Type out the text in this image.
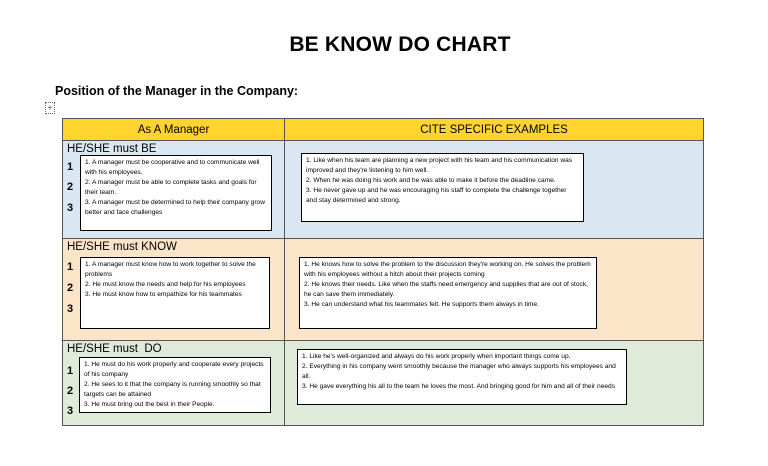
BE KNOW DO CHART
Position of the Manager in the Company:
+
As A Manager	CITE SPECIFIC EXAMPLES
HE/SHE must BE
1
2
3

1. A manager must be cooperative and to communicate well with his employees.

2. A manager must be able to complete tasks and goals for their team.

3. A manager must be determined to help their company grow better and face challenges

1. Like when his team are planning a new project with his team and his communication was improved and they're listening to him well.

2. When he was doing his work and he was able to make it before the deadline came.

3. He never gave up and he was encouraging his staff to complete the challenge together and stay determined and strong.

HE/SHE must KNOW
1
2
3

1. A manager must know how to work together to solve the problems

2. He must know the needs and help for his employees

3. He must know how to empathize for his teammates

1. He knows how to solve the problem to the discussion they're working on. He solves the problem with his employees without a hitch about their projects coming

2. He knows their needs. Like when the staffs need emergency and supplies that are out of stock, he can save them immediately.

3. He can understand what his teammates felt. He supports them always in time.

HE/SHE must  DO
1
2
3

1. He must do his work properly and cooperate every projects of his company

2. He sees to it that the company is running smoothly so that targets can be attained

3. He must bring out the best in their People.

1. Like he's well-organized and always do his work properly when important things come up.

2. Everything in his company went smoothly because the manager who always supports his employees and all.

3. He gave everything his all to the team he loves the most. And bringing good for him and all of their needs
